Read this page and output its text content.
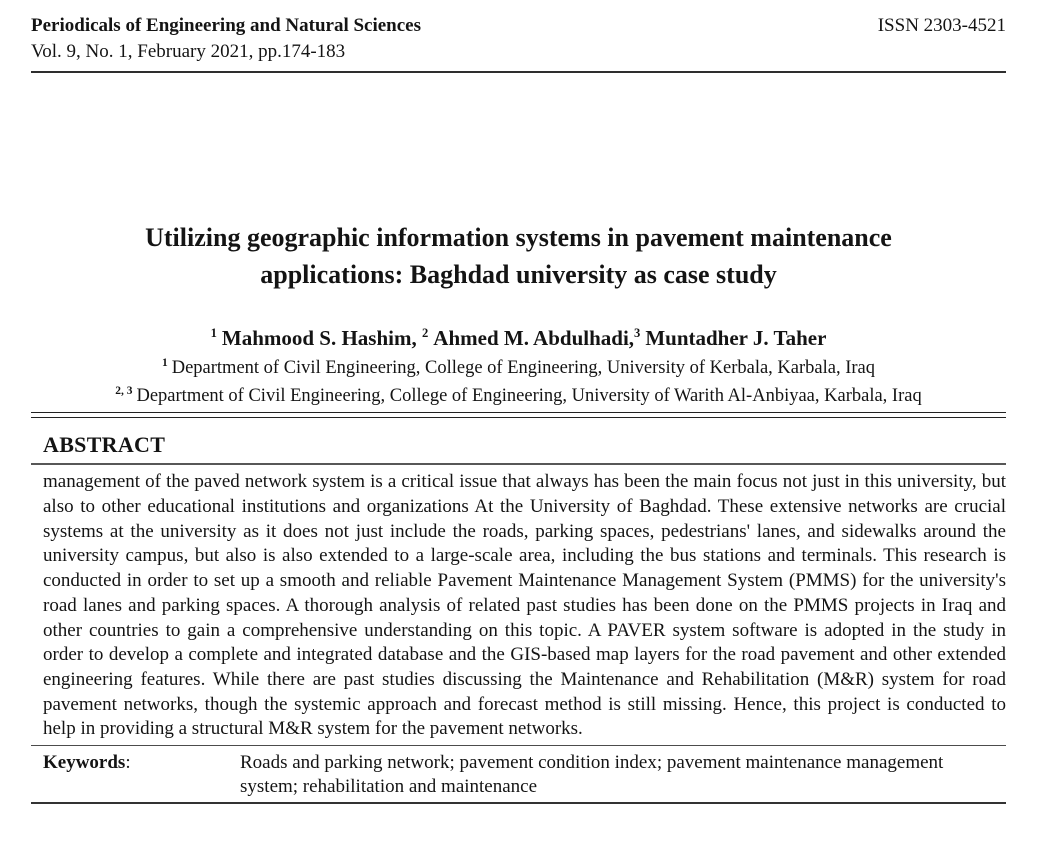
Periodicals of Engineering and Natural Sciences	ISSN 2303-4521
Vol. 9, No. 1, February 2021, pp.174-183
Utilizing geographic information systems in pavement maintenance
applications: Baghdad university as case study
$^1$ Mahmood S. Hashim, $^2$ Ahmed M. Abdulhadi,$^3$ Muntadher J. Taher
$^1$ Department of Civil Engineering, College of Engineering, University of Kerbala, Karbala, Iraq
$^{2, 3}$ Department of Civil Engineering, College of Engineering, University of Warith Al-Anbiyaa, Karbala, Iraq
ABSTRACT

management of the paved network system is a critical issue that always has been the main focus not just in this university, but also to other educational institutions and organizations At the University of Baghdad. These extensive networks are crucial systems at the university as it does not just include the roads, parking spaces, pedestrians' lanes, and sidewalks around the university campus, but also is also extended to a large-scale area, including the bus stations and terminals. This research is conducted in order to set up a smooth and reliable Pavement Maintenance Management System (PMMS) for the university's road lanes and parking spaces. A thorough analysis of related past studies has been done on the PMMS projects in Iraq and other countries to gain a comprehensive understanding on this topic. A PAVER system software is adopted in the study in order to develop a complete and integrated database and the GIS-based map layers for the road pavement and other extended engineering features. While there are past studies discussing the Maintenance and Rehabilitation (M&R) system for road pavement networks, though the systemic approach and forecast method is still missing. Hence, this project is conducted to help in providing a structural M&R system for the pavement networks.

Keywords:	Roads and parking network; pavement condition index; pavement maintenance management system; rehabilitation and maintenance
